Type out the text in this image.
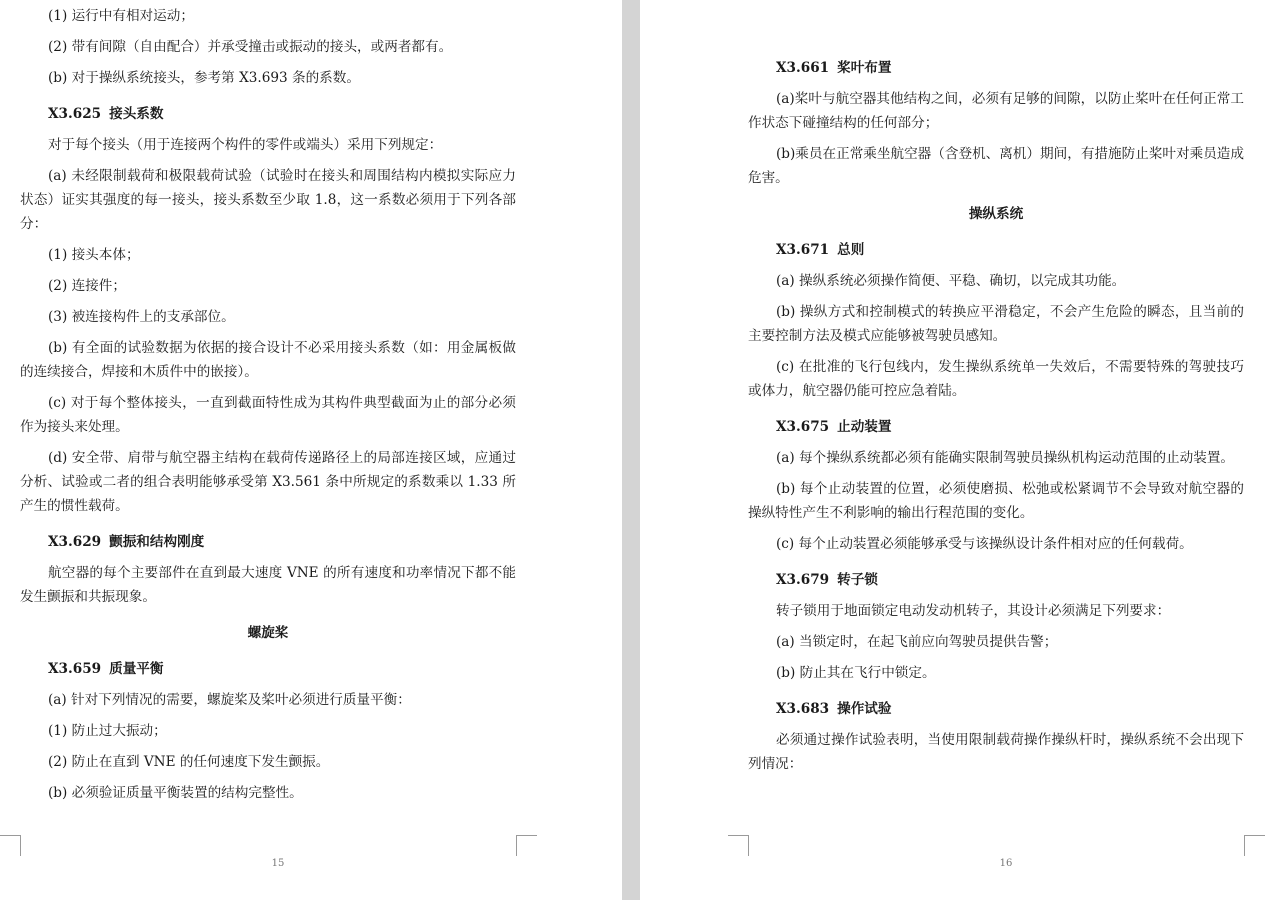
(1) 运行中有相对运动；

(2) 带有间隙（自由配合）并承受撞击或振动的接头，或两者都有。

(b) 对于操纵系统接头，参考第 X3.693 条的系数。

X3.625 接头系数

对于每个接头（用于连接两个构件的零件或端头）采用下列规定：

(a) 未经限制载荷和极限载荷试验（试验时在接头和周围结构内模拟实际应力状态）证实其强度的每一接头，接头系数至少取 1.8，这一系数必须用于下列各部分：

(1) 接头本体；

(2) 连接件；

(3) 被连接构件上的支承部位。

(b) 有全面的试验数据为依据的接合设计不必采用接头系数（如：用金属板做的连续接合，焊接和木质件中的嵌接）。

(c) 对于每个整体接头，一直到截面特性成为其构件典型截面为止的部分必须作为接头来处理。

(d) 安全带、肩带与航空器主结构在载荷传递路径上的局部连接区域，应通过分析、试验或二者的组合表明能够承受第 X3.561 条中所规定的系数乘以 1.33 所产生的惯性载荷。

X3.629 颤振和结构刚度

航空器的每个主要部件在直到最大速度 VNE 的所有速度和功率情况下都不能发生颤振和共振现象。

螺旋桨
X3.659 质量平衡

(a) 针对下列情况的需要，螺旋桨及桨叶必须进行质量平衡：

(1) 防止过大振动；

(2) 防止在直到 VNE 的任何速度下发生颤振。

(b) 必须验证质量平衡装置的结构完整性。

15
X3.661 桨叶布置

(a)桨叶与航空器其他结构之间，必须有足够的间隙，以防止桨叶在任何正常工作状态下碰撞结构的任何部分；

(b)乘员在正常乘坐航空器（含登机、离机）期间，有措施防止桨叶对乘员造成危害。

操纵系统
X3.671 总则

(a) 操纵系统必须操作简便、平稳、确切，以完成其功能。

(b) 操纵方式和控制模式的转换应平滑稳定，不会产生危险的瞬态，且当前的主要控制方法及模式应能够被驾驶员感知。

(c) 在批准的飞行包线内，发生操纵系统单一失效后，不需要特殊的驾驶技巧或体力，航空器仍能可控应急着陆。

X3.675 止动装置

(a) 每个操纵系统都必须有能确实限制驾驶员操纵机构运动范围的止动装置。

(b) 每个止动装置的位置，必须使磨损、松弛或松紧调节不会导致对航空器的操纵特性产生不利影响的输出行程范围的变化。

(c) 每个止动装置必须能够承受与该操纵设计条件相对应的任何载荷。

X3.679 转子锁

转子锁用于地面锁定电动发动机转子，其设计必须满足下列要求：

(a) 当锁定时，在起飞前应向驾驶员提供告警；

(b) 防止其在飞行中锁定。

X3.683 操作试验

必须通过操作试验表明，当使用限制载荷操作操纵杆时，操纵系统不会出现下列情况：

16
